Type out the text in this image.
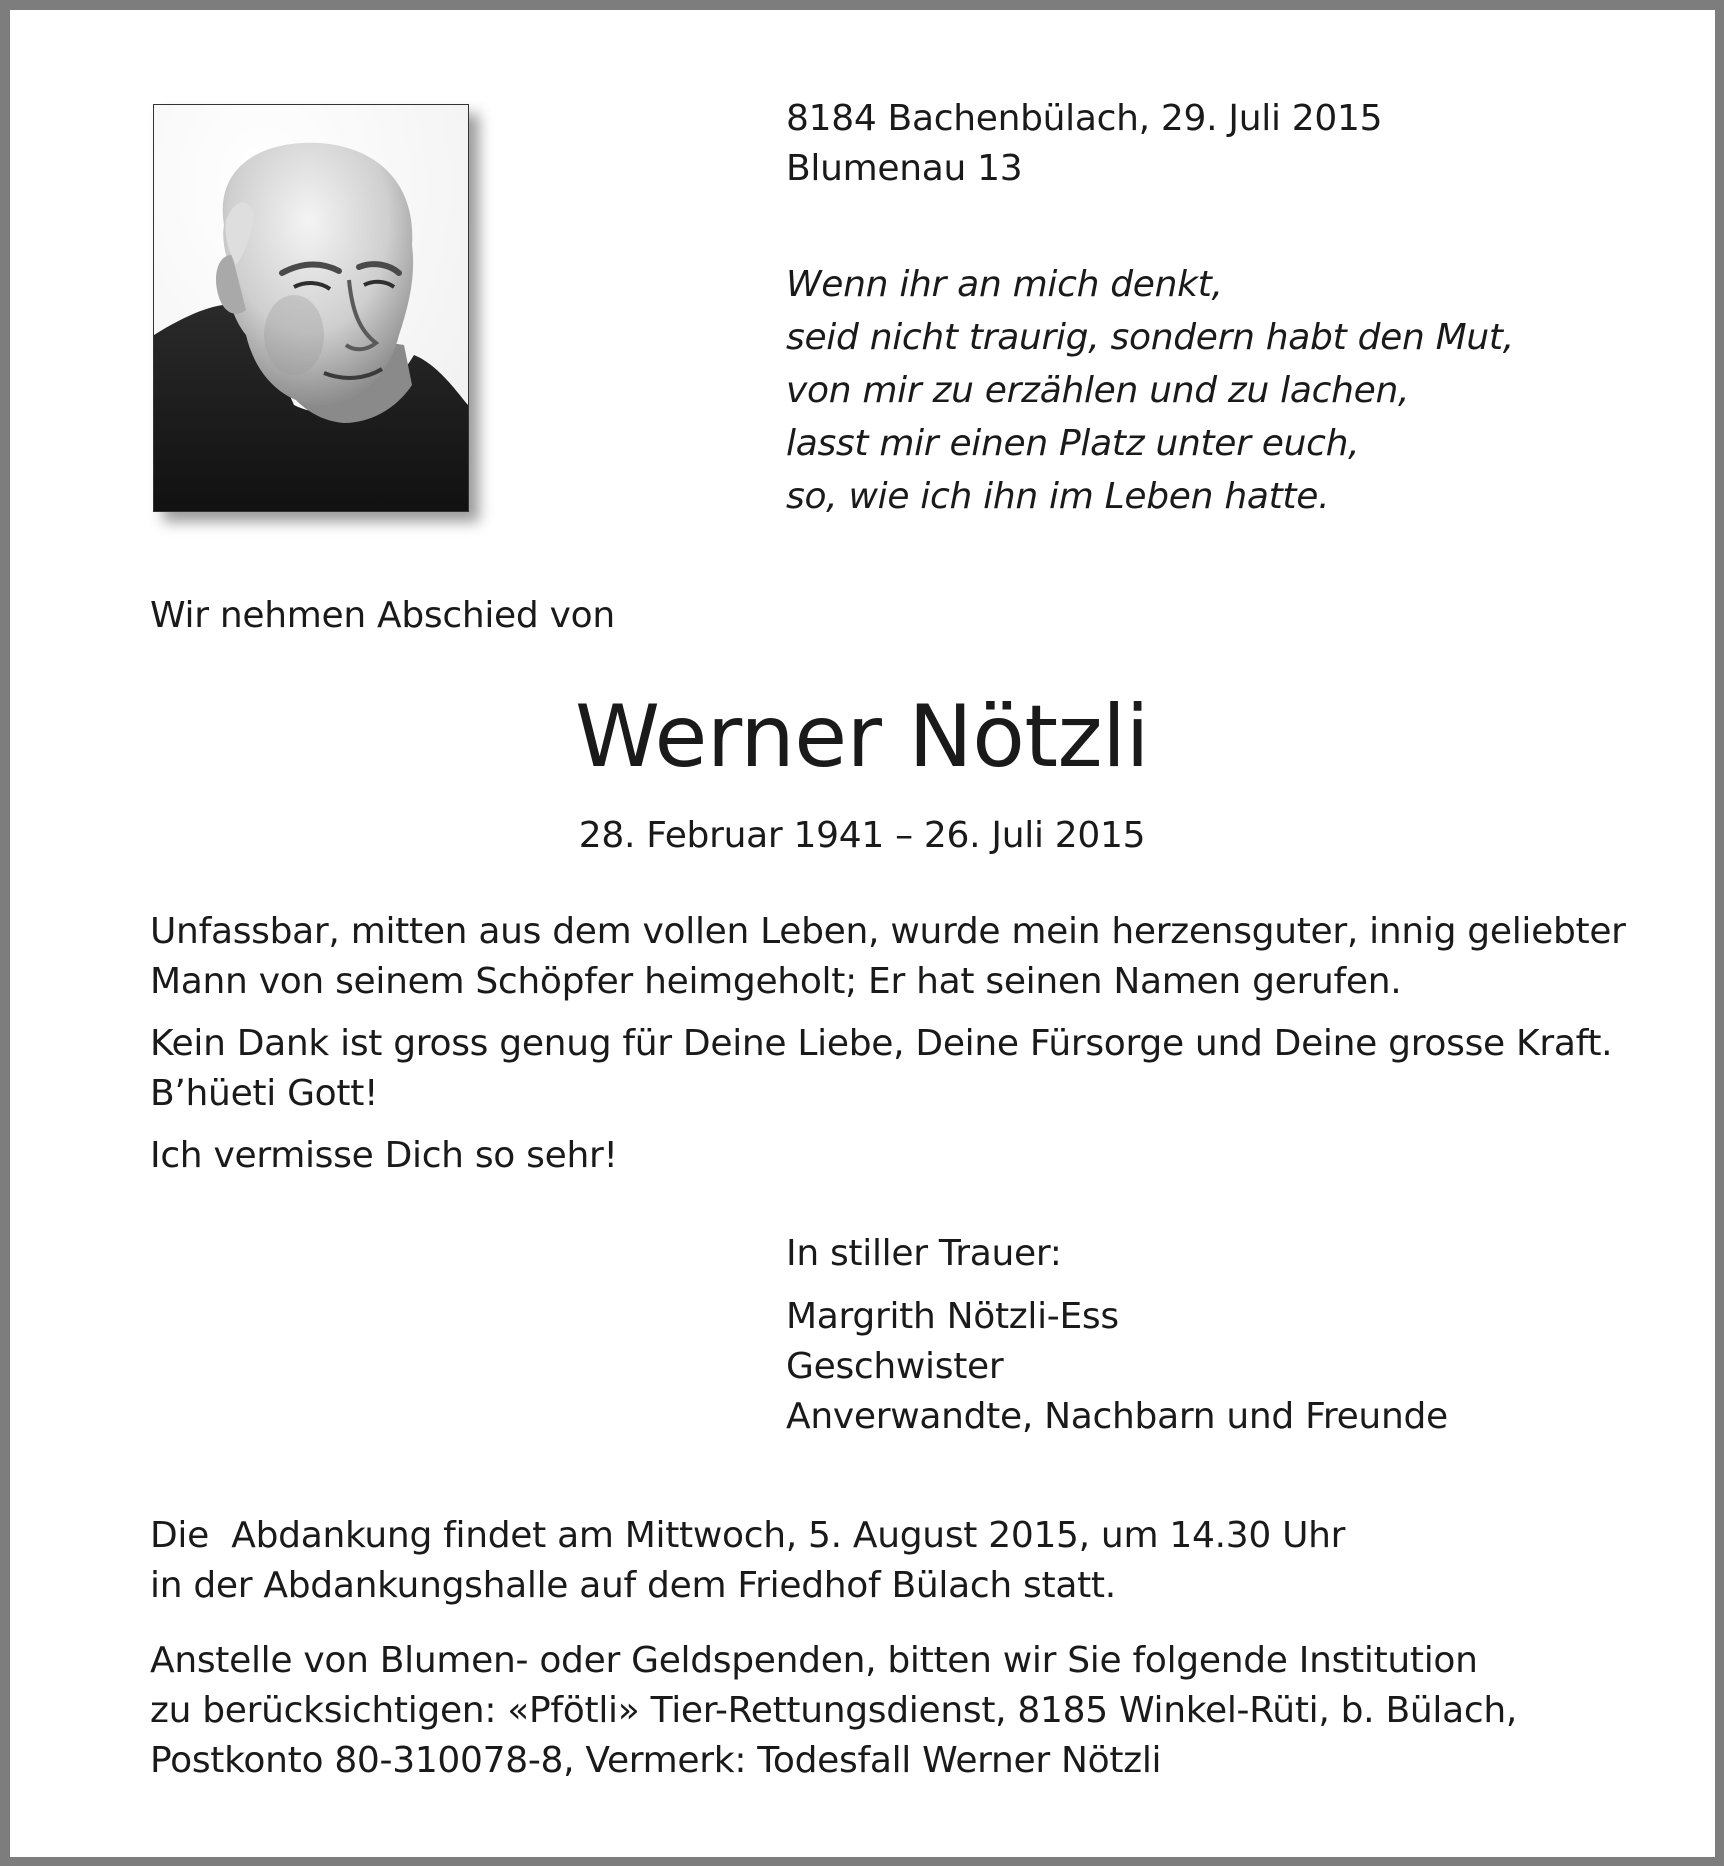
8184 Bachenbülach, 29. Juli 2015
Blumenau 13
Wenn ihr an mich denkt,
seid nicht traurig, sondern habt den Mut,
von mir zu erzählen und zu lachen,
lasst mir einen Platz unter euch,
so, wie ich ihn im Leben hatte.
Wir nehmen Abschied von
Werner Nötzli
28. Februar 1941 – 26. Juli 2015
Unfassbar, mitten aus dem vollen Leben, wurde mein herzensguter, innig geliebter
Mann von seinem Schöpfer heimgeholt; Er hat seinen Namen gerufen.
Kein Dank ist gross genug für Deine Liebe, Deine Fürsorge und Deine grosse Kraft.
B’hüeti Gott!
Ich vermisse Dich so sehr!
In stiller Trauer:
Margrith Nötzli-Ess
Geschwister
Anverwandte, Nachbarn und Freunde
Die  Abdankung findet am Mittwoch, 5. August 2015, um 14.30 Uhr
in der Abdankungshalle auf dem Friedhof Bülach statt.
Anstelle von Blumen- oder Geldspenden, bitten wir Sie folgende Institution
zu berücksichtigen: «Pfötli» Tier-Rettungsdienst, 8185 Winkel-Rüti, b. Bülach,
Postkonto 80-310078-8, Vermerk: Todesfall Werner Nötzli
